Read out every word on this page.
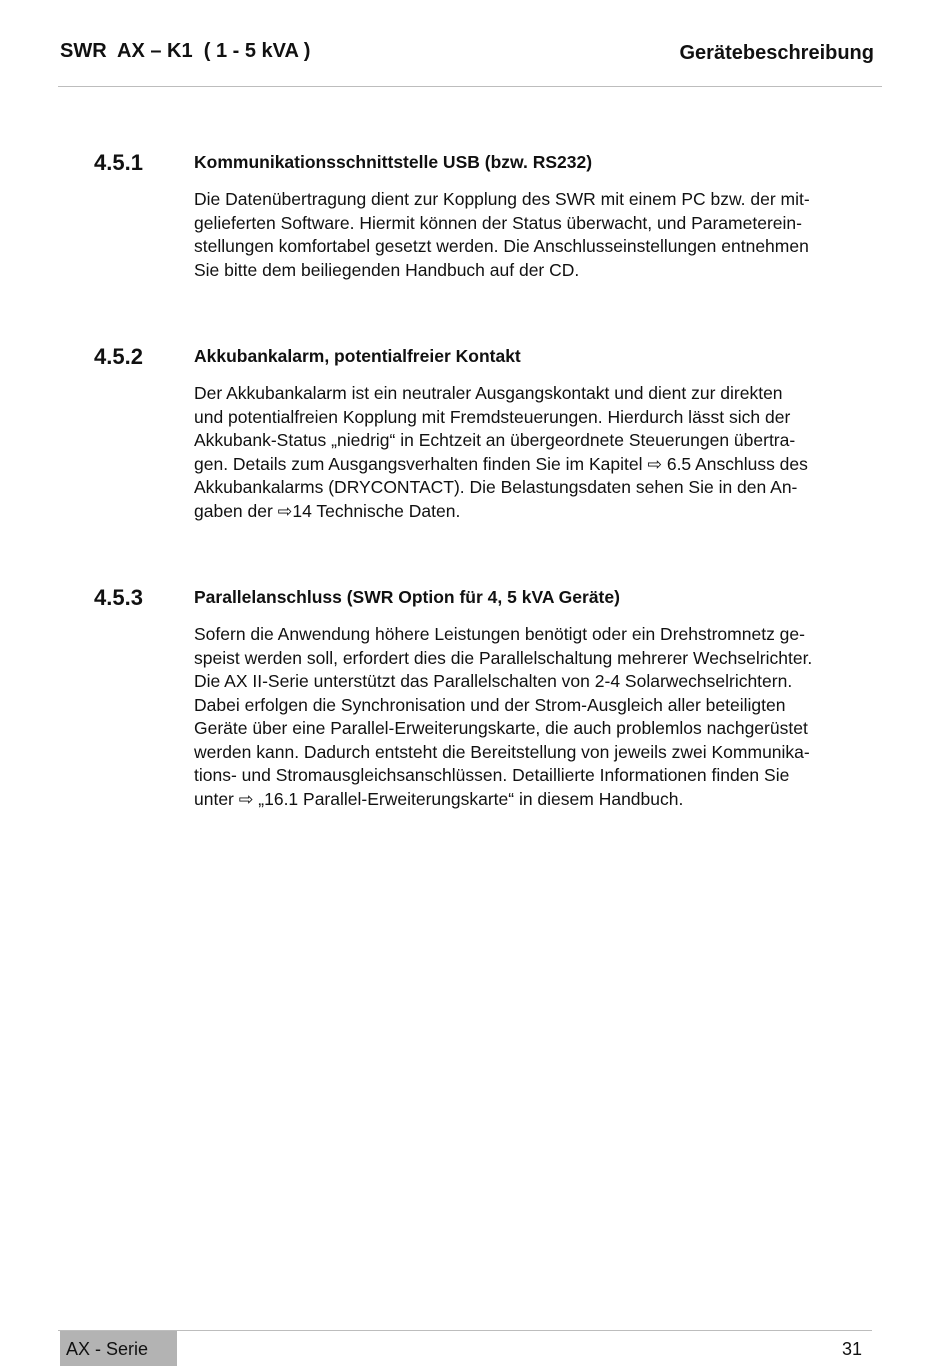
SWR  AX – K1  ( 1 - 5 kVA )	Gerätebeschreibung
4.5.1	Kommunikationsschnittstelle USB (bzw. RS232)
Die Datenübertragung dient zur Kopplung des SWR mit einem PC bzw. der mit-
gelieferten Software. Hiermit können der Status überwacht, und Parameterein-
stellungen komfortabel gesetzt werden. Die Anschlusseinstellungen entnehmen
Sie bitte dem beiliegenden Handbuch auf der CD.
4.5.2	Akkubankalarm, potentialfreier Kontakt
Der Akkubankalarm ist ein neutraler Ausgangskontakt und dient zur direkten
und potentialfreien Kopplung mit Fremdsteuerungen. Hierdurch lässt sich der
Akkubank-Status „niedrig“ in Echtzeit an übergeordnete Steuerungen übertra-
gen. Details zum Ausgangsverhalten finden Sie im Kapitel ⇨ 6.5 Anschluss des
Akkubankalarms (DRYCONTACT). Die Belastungsdaten sehen Sie in den An-
gaben der ⇨14 Technische Daten.
4.5.3	Parallelanschluss (SWR Option für 4, 5 kVA Geräte)
Sofern die Anwendung höhere Leistungen benötigt oder ein Drehstromnetz ge-
speist werden soll, erfordert dies die Parallelschaltung mehrerer Wechselrichter.
Die AX II-Serie unterstützt das Parallelschalten von 2-4 Solarwechselrichtern.
Dabei erfolgen die Synchronisation und der Strom-Ausgleich aller beteiligten
Geräte über eine Parallel-Erweiterungskarte, die auch problemlos nachgerüstet
werden kann. Dadurch entsteht die Bereitstellung von jeweils zwei Kommunika-
tions- und Stromausgleichsanschlüssen. Detaillierte Informationen finden Sie
unter ⇨ „16.1 Parallel-Erweiterungskarte“ in diesem Handbuch.
AX - Serie	31
